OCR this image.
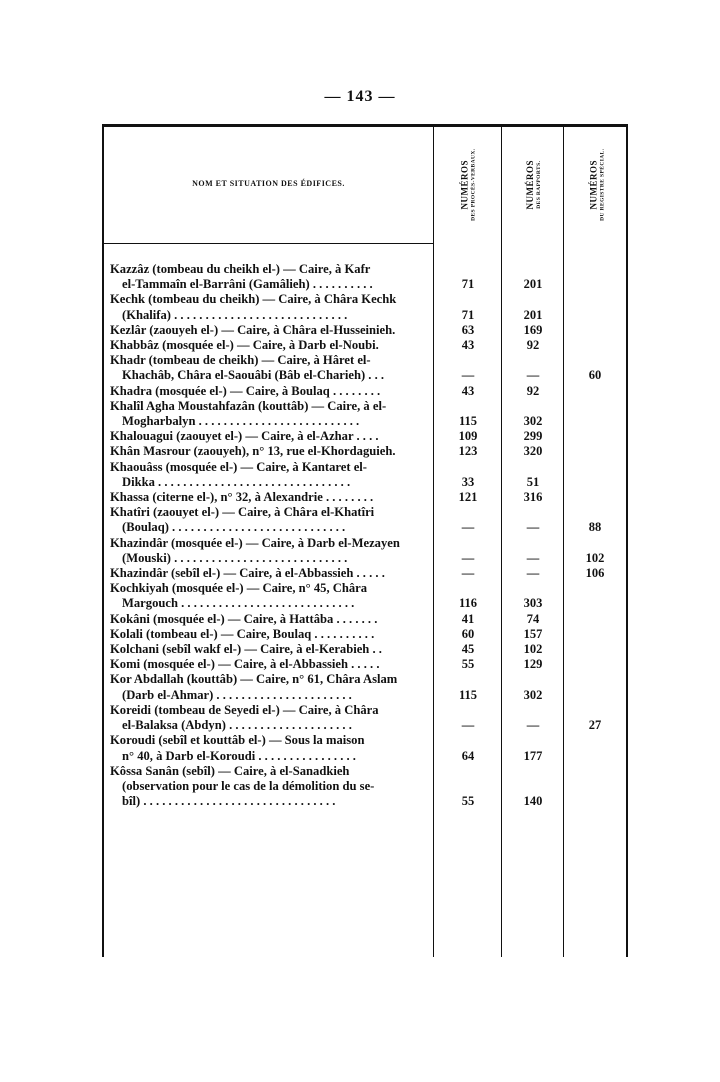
— 143 —
NOM ET SITUATION DES ÉDIFICES.	NUMÉROS DES PROCÈS-VERBAUX.	NUMÉROS DES RAPPORTS.	NUMÉROS DU REGISTRE SPÉCIAL.
Kazzâz (tombeau du cheikh el-) — Caire, à Kafr
el-Tammaîn el-Barrâni (Gamâlieh) . . . . . . . . . .	71	201
Kechk (tombeau du cheikh) — Caire, à Châra Kechk
(Khalifa) . . . . . . . . . . . . . . . . . . . . . . . . . . . .	71	201
Kezlâr (zaouyeh el-) — Caire, à Châra el-Husseinieh.	63	169
Khabbâz (mosquée el-) — Caire, à Darb el-Noubi.	43	92
Khadr (tombeau de cheikh) — Caire, à Hâret el-
Khachâb, Châra el-Saouâbi (Bâb el-Charieh) . . .	—	—	60
Khadra (mosquée el-) — Caire, à Boulaq . . . . . . . .	43	92
Khalîl Agha Moustahfazân (kouttâb) — Caire, à el-
Mogharbalyn . . . . . . . . . . . . . . . . . . . . . . . . . .	115	302
Khalouagui (zaouyet el-) — Caire, à el-Azhar . . . .	109	299
Khân Masrour (zaouyeh), n° 13, rue el-Khordaguieh.	123	320
Khaouâss (mosquée el-) — Caire, à Kantaret el-
Dikka . . . . . . . . . . . . . . . . . . . . . . . . . . . . . . .	33	51
Khassa (citerne el-), n° 32, à Alexandrie . . . . . . . .	121	316
Khatîri (zaouyet el-) — Caire, à Châra el-Khatîri
(Boulaq) . . . . . . . . . . . . . . . . . . . . . . . . . . . .	—	—	88
Khazindâr (mosquée el-) — Caire, à Darb el-Mezayen
(Mouski) . . . . . . . . . . . . . . . . . . . . . . . . . . . .	—	—	102
Khazindâr (sebîl el-) — Caire, à el-Abbassieh . . . . .	—	—	106
Kochkiyah (mosquée el-) — Caire, n° 45, Châra
Margouch . . . . . . . . . . . . . . . . . . . . . . . . . . . .	116	303
Kokâni (mosquée el-) — Caire, à Hattâba . . . . . . .	41	74
Kolali (tombeau el-) — Caire, Boulaq . . . . . . . . . .	60	157
Kolchani (sebîl wakf el-) — Caire, à el-Kerabieh . .	45	102
Komi (mosquée el-) — Caire, à el-Abbassieh . . . . .	55	129
Kor Abdallah (kouttâb) — Caire, n° 61, Châra Aslam
(Darb el-Ahmar) . . . . . . . . . . . . . . . . . . . . . .	115	302
Koreidi (tombeau de Seyedi el-) — Caire, à Châra
el-Balaksa (Abdyn) . . . . . . . . . . . . . . . . . . . .	—	—	27
Koroudi (sebîl et kouttâb el-) — Sous la maison
n° 40, à Darb el-Koroudi . . . . . . . . . . . . . . . .	64	177
Kôssa Sanân (sebîl) — Caire, à el-Sanadkieh
(observation pour le cas de la démolition du se-
bîl) . . . . . . . . . . . . . . . . . . . . . . . . . . . . . . .	55	140
